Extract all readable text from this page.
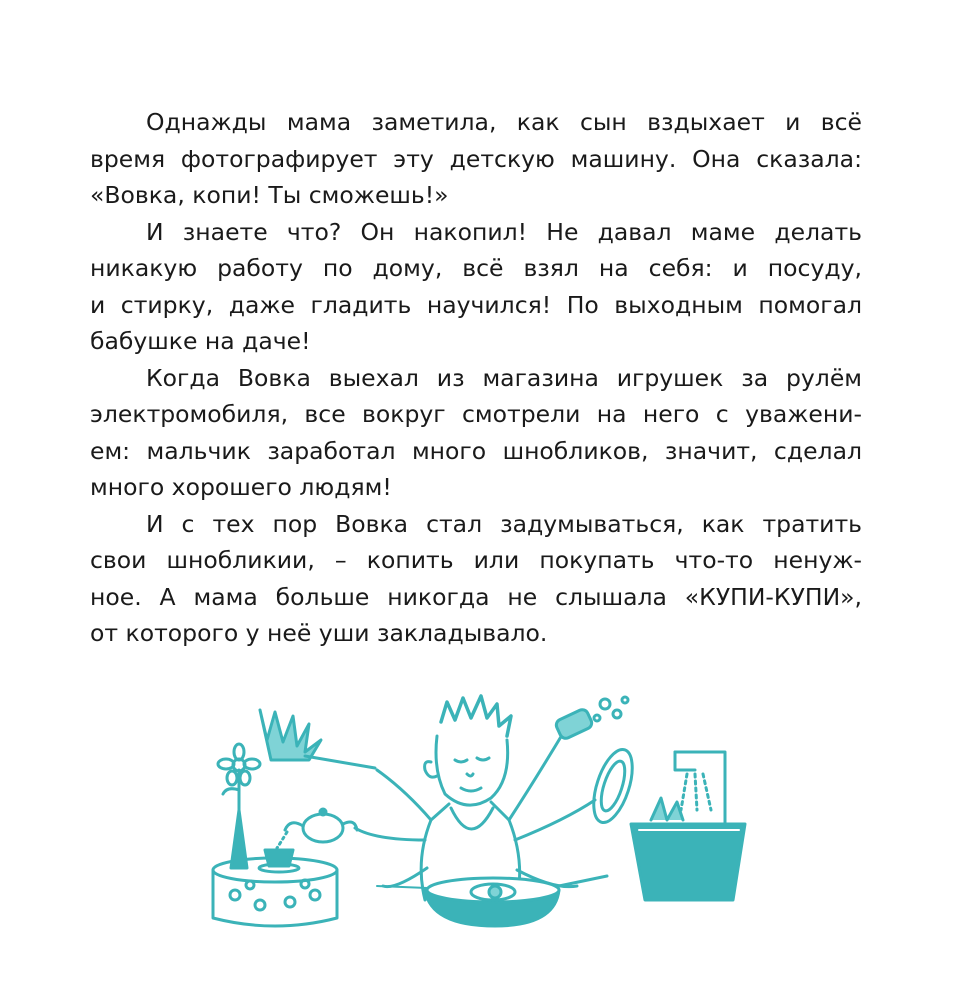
Однажды мама заметила, как сын вздыхает и всё
время фотографирует эту детскую машину. Она сказала:
«Вовка, копи! Ты сможешь!»

И знаете что? Он накопил! Не давал маме делать
никакую работу по дому, всё взял на себя: и посуду,
и стирку, даже гладить научился! По выходным помогал
бабушке на даче!

Когда Вовка выехал из магазина игрушек за рулём
электромобиля, все вокруг смотрели на него с уважени-
ем: мальчик заработал много шнобликов, значит, сделал
много хорошего людям!

И с тех пор Вовка стал задумываться, как тратить
свои шнобликии, – копить или покупать что-то ненуж-
ное. А мама больше никогда не слышала «КУПИ-КУПИ»,
от которого у неё уши закладывало.
